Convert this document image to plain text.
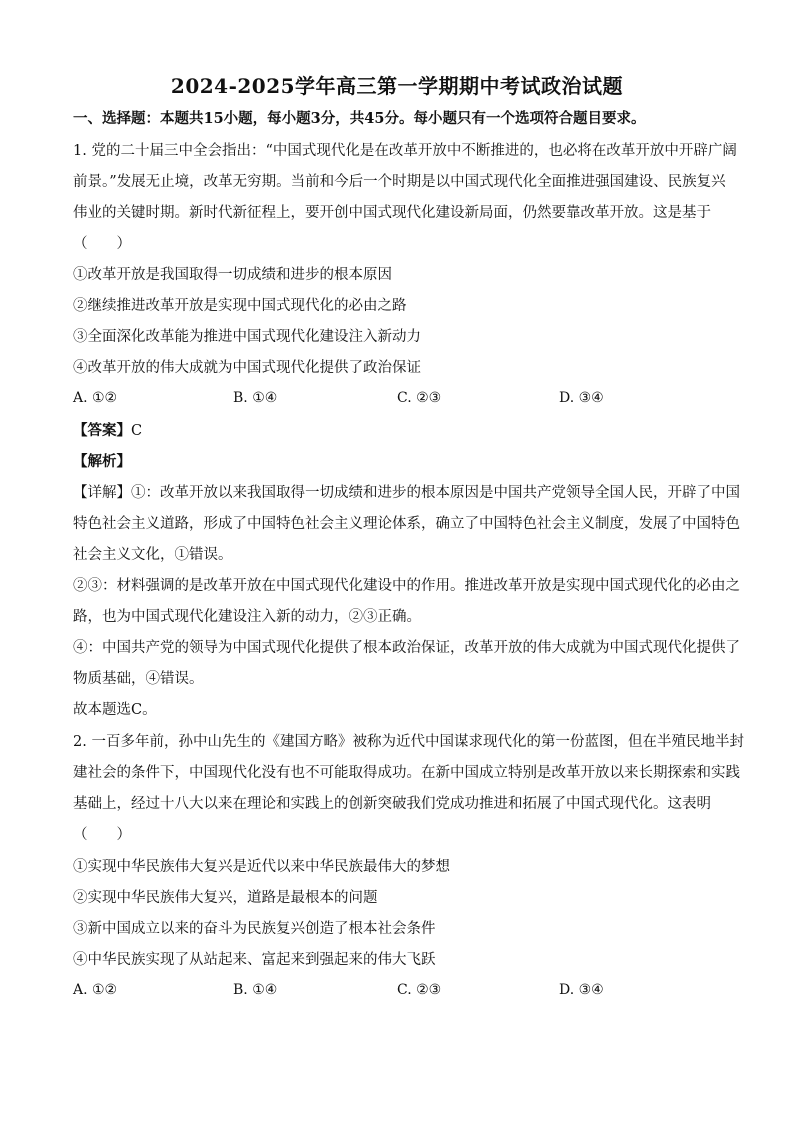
2024-2025学年高三第一学期期中考试政治试题
一、选择题：本题共15小题，每小题3分，共45分。每小题只有一个选项符合题目要求。
1. 党的二十届三中全会指出：“中国式现代化是在改革开放中不断推进的，也必将在改革开放中开辟广阔
前景。”发展无止境，改革无穷期。当前和今后一个时期是以中国式现代化全面推进强国建设、民族复兴
伟业的关键时期。新时代新征程上，要开创中国式现代化建设新局面，仍然要靠改革开放。这是基于
（　　）
①改革开放是我国取得一切成绩和进步的根本原因
②继续推进改革开放是实现中国式现代化的必由之路
③全面深化改革能为推进中国式现代化建设注入新动力
④改革开放的伟大成就为中国式现代化提供了政治保证
A. ①②	B. ①④	C. ②③	D. ③④
【答案】C
【解析】
【详解】①：改革开放以来我国取得一切成绩和进步的根本原因是中国共产党领导全国人民，开辟了中国
特色社会主义道路，形成了中国特色社会主义理论体系，确立了中国特色社会主义制度，发展了中国特色
社会主义文化，①错误。
②③：材料强调的是改革开放在中国式现代化建设中的作用。推进改革开放是实现中国式现代化的必由之
路，也为中国式现代化建设注入新的动力，②③正确。
④：中国共产党的领导为中国式现代化提供了根本政治保证，改革开放的伟大成就为中国式现代化提供了
物质基础，④错误。
故本题选C。
2. 一百多年前，孙中山先生的《建国方略》被称为近代中国谋求现代化的第一份蓝图，但在半殖民地半封
建社会的条件下，中国现代化没有也不可能取得成功。在新中国成立特别是改革开放以来长期探索和实践
基础上，经过十八大以来在理论和实践上的创新突破我们党成功推进和拓展了中国式现代化。这表明
（　　）
①实现中华民族伟大复兴是近代以来中华民族最伟大的梦想
②实现中华民族伟大复兴，道路是最根本的问题
③新中国成立以来的奋斗为民族复兴创造了根本社会条件
④中华民族实现了从站起来、富起来到强起来的伟大飞跃
A. ①②	B. ①④	C. ②③	D. ③④
